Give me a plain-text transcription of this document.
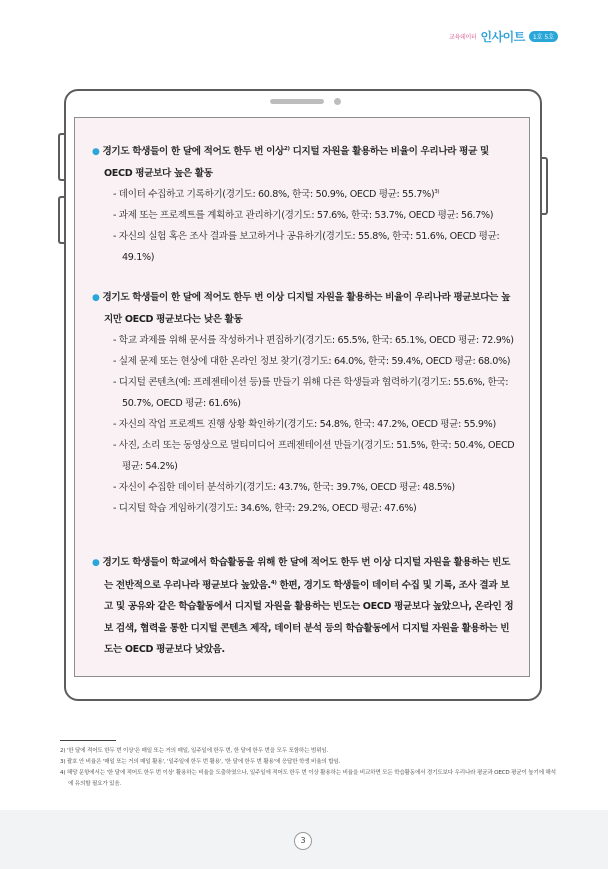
교육데이터 인사이트	1호 5호
● 경기도 학생들이 한 달에 적어도 한두 번 이상$^{2)}$ 디지털 자원을 활용하는 비율이 우리나라 평균 및 OECD 평균보다 높은 활동
- 데이터 수집하고 기록하기(경기도: 60.8%, 한국: 50.9%, OECD 평균: 55.7%)$^{3)}$
- 과제 또는 프로젝트를 계획하고 관리하기(경기도: 57.6%, 한국: 53.7%, OECD 평균: 56.7%)
- 자신의 실험 혹은 조사 결과를 보고하거나 공유하기(경기도: 55.8%, 한국: 51.6%, OECD 평균: 49.1%)
● 경기도 학생들이 한 달에 적어도 한두 번 이상 디지털 자원을 활용하는 비율이 우리나라 평균보다는 높지만 OECD 평균보다는 낮은 활동
- 학교 과제를 위해 문서를 작성하거나 편집하기(경기도: 65.5%, 한국: 65.1%, OECD 평균: 72.9%)
- 실제 문제 또는 현상에 대한 온라인 정보 찾기(경기도: 64.0%, 한국: 59.4%, OECD 평균: 68.0%)
- 디지털 콘텐츠(예: 프레젠테이션 등)를 만들기 위해 다른 학생들과 협력하기(경기도: 55.6%, 한국: 50.7%, OECD 평균: 61.6%)
- 자신의 작업 프로젝트 진행 상황 확인하기(경기도: 54.8%, 한국: 47.2%, OECD 평균: 55.9%)
- 사진, 소리 또는 동영상으로 멀티미디어 프레젠테이션 만들기(경기도: 51.5%, 한국: 50.4%, OECD 평균: 54.2%)
- 자신이 수집한 데이터 분석하기(경기도: 43.7%, 한국: 39.7%, OECD 평균: 48.5%)
- 디지털 학습 게임하기(경기도: 34.6%, 한국: 29.2%, OECD 평균: 47.6%)
● 경기도 학생들이 학교에서 학습활동을 위해 한 달에 적어도 한두 번 이상 디지털 자원을 활용하는 빈도는 전반적으로 우리나라 평균보다 높았음.$^{4)}$ 한편, 경기도 학생들이 데이터 수집 및 기록, 조사 결과 보고 및 공유와 같은 학습활동에서 디지털 자원을 활용하는 빈도는 OECD 평균보다 높았으나, 온라인 정보 검색, 협력을 통한 디지털 콘텐츠 제작, 데이터 분석 등의 학습활동에서 디지털 자원을 활용하는 빈도는 OECD 평균보다 낮았음.
2) '한 달에 적어도 한두 번 이상'은 매일 또는 거의 매일, 일주일에 한두 번, 한 달에 한두 번을 모두 포함하는 범위임.
3) 괄호 안 비율은 '매일 또는 거의 매일 활용', '일주일에 한두 번 활용', '한 달에 한두 번 활용'에 응답한 학생 비율의 합임.
4) 해당 문항에서는 '한 달에 적어도 한두 번 이상' 활용하는 비율을 도출하였으나, 일주일에 적어도 한두 번 이상 활용하는 비율을 비교하면 모든 학습활동에서 경기도보다 우리나라 평균과 OECD 평균이 높기에 해석에 유의할 필요가 있음.
3
